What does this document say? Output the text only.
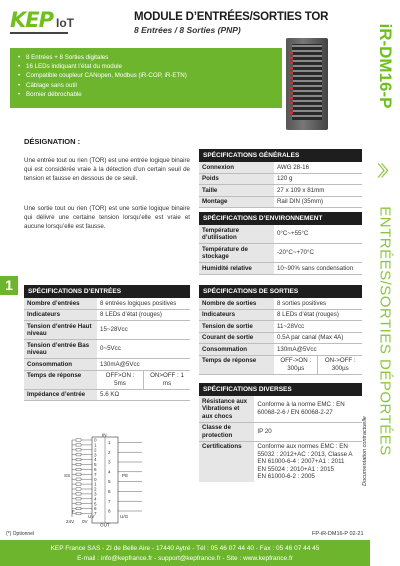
KEP IoT	MODULE D’ENTRÉES/SORTIES TOR
8 Entrées / 8 Sorties (PNP)	iR-DM16-P
〉〉
ENTRÉES/SORTIES DÉPORTÉES
Documentation contractuelle
• 8 Entrées + 8 Sorties digitales
• 16 LEDs indiquant l’état du module
• Compatible coupleur CANopen, Modbus (iR-COP, iR-ETN)
• Câblage sans outil
• Bornier débrochable
DÉSIGNATION :
Une entrée tout ou rien (TOR) est une entrée logique binaire qui est considérée vraie à la détection d’un certain seuil de tension et fausse en dessous de ce seuil.
Une sortie tout ou rien (TOR) est une sortie logique binaire qui délivre une certaine tension lorsqu’elle est vraie et aucune lorsqu’elle est fausse.
1
SPÉCIFICATIONS GÉNÉRALES
Connexion	AWG 28-16
Poids	120 g
Taille	27 x 109 x 81mm
Montage	Rail DIN (35mm)
SPÉCIFICATIONS D’ENVIRONNEMENT
Température d’utilisation	0°C~+55°C
Température de stockage	-20°C~+70°C
Humidité relative	10~90% sans condensation
SPÉCIFICATIONS D’ENTRÉES
Nombre d’entrées	8 entrées logiques positives
Indicateurs	8 LEDs d’état (rouges)
Tension d’entrée Haut niveau	15~28Vcc
Tension d’entrée Bas niveau	0~5Vcc
Consommation	130mA@5Vcc
Temps de réponse	OFF>ON : 5ms
ON>OFF : 1 ms

Impédance d’entrée	5.6 KΩ
SPÉCIFICATIONS DE SORTIES
Nombre de sorties	8 sorties positives
Indicateurs	8 LEDs d’état (rouges)
Tension de sortie	11~28Vcc
Courant de sortie	0.5A par canal (Max 4A)
Consommation	130mA@5Vcc
Temps de réponse	OFF->ON : 300µs
ON->OFF : 300µs
SPÉCIFICATIONS DIVERSES
Résistance aux Vibrations et aux chocs	Conforme à la norme EMC : EN 60068-2-6 / EN 60068-2-27
Classe de protection	IP 20
Certifications	Conforme aux normes EMC : EN 55032 : 2012+AC : 2013, Classe A
EN 61000-6-4 : 2007+A1 : 2011
EN 55024 : 2010+A1 : 2015
EN 61000-6-2 : 2005
IN
OUT
SS	PE
24V 0V
F
UV	U/G
0
1
2
3
4
5
6
7
0
1
2
3
4
5
6
7
1
2
3
4
5
6
7
8
(*) Optionnel	FP-iR-DM16-P 02-21
KEP France SAS - ZI de Belle Aire - 17440 Aytré - Tél : 05 46 07 44 40 - Fax : 05 46 07 44 45
E-mail : info@kepfrance.fr - support@kepfrance.fr - Site : www.kepfrance.fr
